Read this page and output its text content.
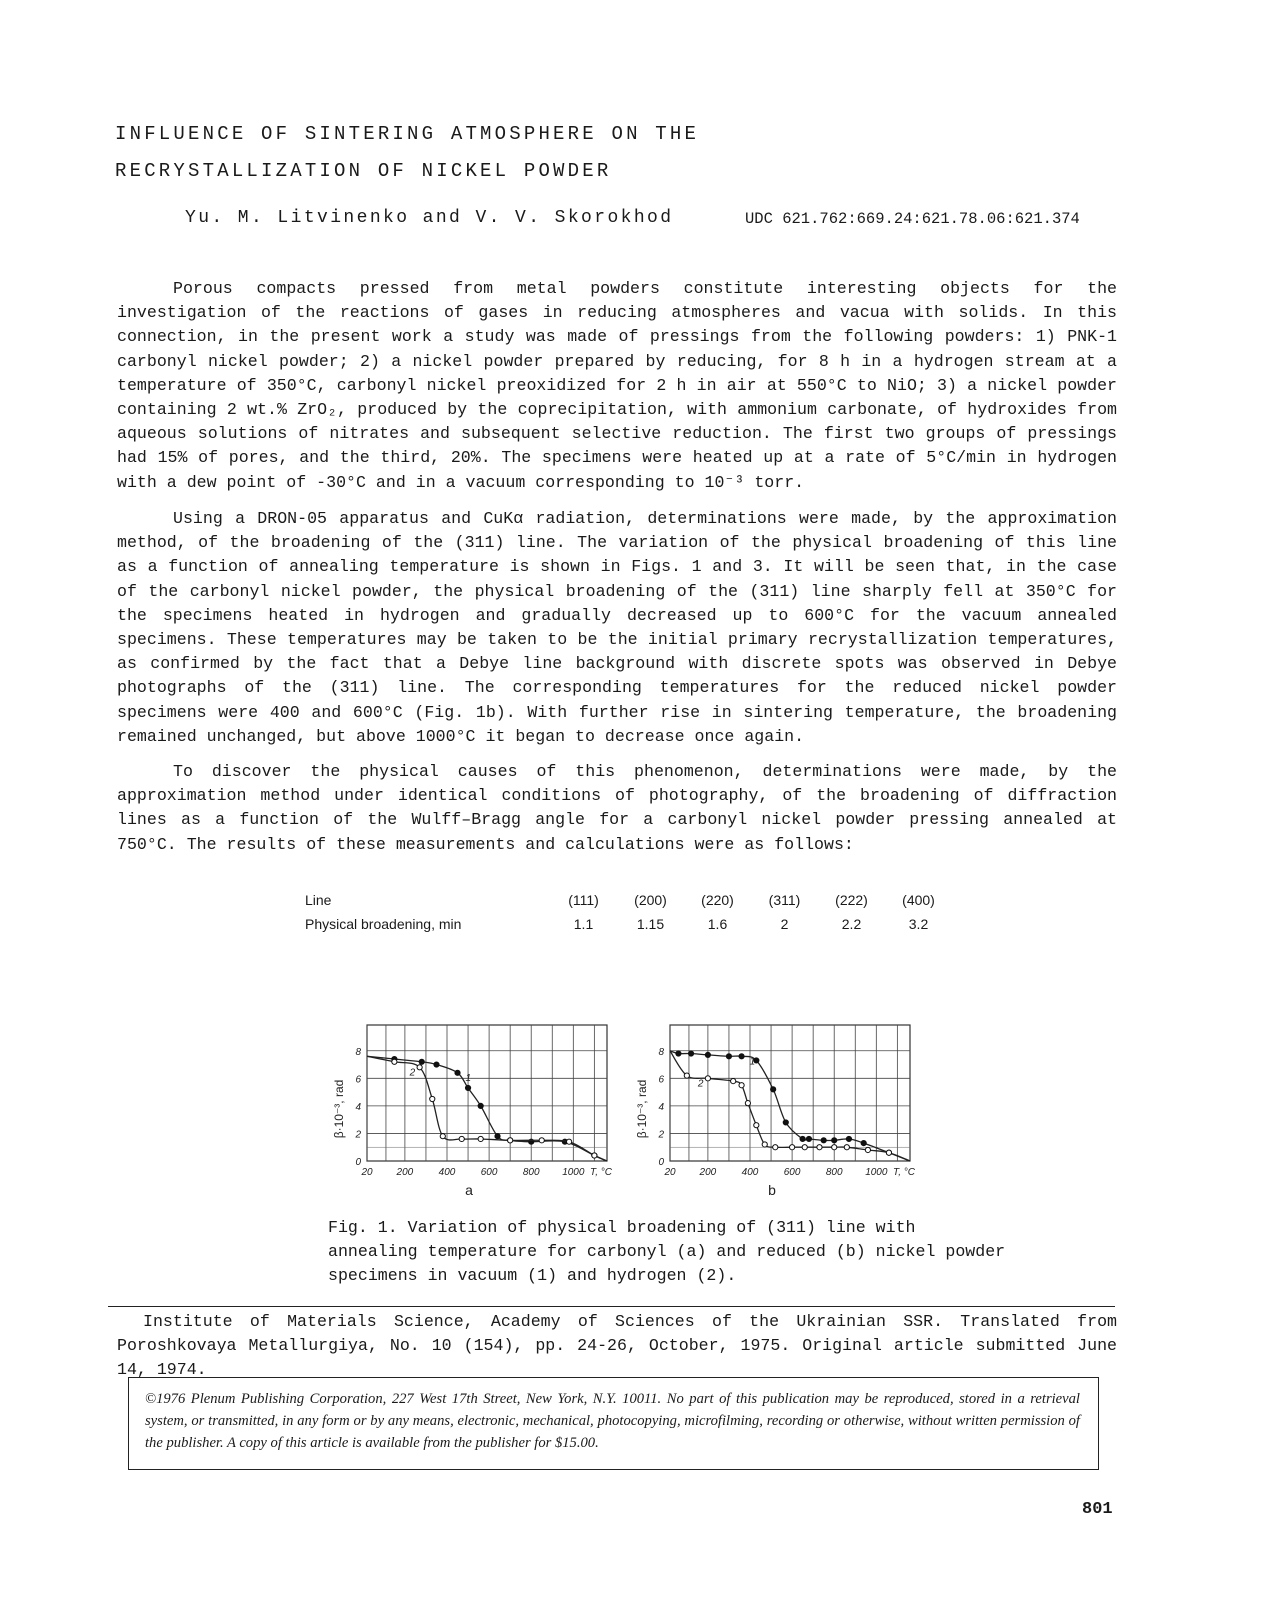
INFLUENCE OF SINTERING ATMOSPHERE ON THE
RECRYSTALLIZATION OF NICKEL POWDER
Yu. M. Litvinenko and V. V. Skorokhod	UDC 621.762:669.24:621.78.06:621.374

Porous compacts pressed from metal powders constitute interesting objects for the investigation of the reactions of gases in reducing atmospheres and vacua with solids. In this connection, in the present work a study was made of pressings from the following powders: 1) PNK-1 carbonyl nickel powder; 2) a nickel powder prepared by reducing, for 8 h in a hydrogen stream at a temperature of 350°C, carbonyl nickel preoxidized for 2 h in air at 550°C to NiO; 3) a nickel powder containing 2 wt.% ZrO₂, produced by the coprecipitation, with ammonium carbonate, of hydroxides from aqueous solutions of nitrates and subsequent selective reduction. The first two groups of pressings had 15% of pores, and the third, 20%. The specimens were heated up at a rate of 5°C/min in hydrogen with a dew point of -30°C and in a vacuum corresponding to 10⁻³ torr.

Using a DRON-05 apparatus and CuKα radiation, determinations were made, by the approximation method, of the broadening of the (311) line. The variation of the physical broadening of this line as a function of annealing temperature is shown in Figs. 1 and 3. It will be seen that, in the case of the carbonyl nickel powder, the physical broadening of the (311) line sharply fell at 350°C for the specimens heated in hydrogen and gradually decreased up to 600°C for the vacuum annealed specimens. These temperatures may be taken to be the initial primary recrystallization temperatures, as confirmed by the fact that a Debye line background with discrete spots was observed in Debye photographs of the (311) line. The corresponding temperatures for the reduced nickel powder specimens were 400 and 600°C (Fig. 1b). With further rise in sintering temperature, the broadening remained unchanged, but above 1000°C it began to decrease once again.

To discover the physical causes of this phenomenon, determinations were made, by the approximation method under identical conditions of photography, of the broadening of diffraction lines as a function of the Wulff–Bragg angle for a carbonyl nickel powder pressing annealed at 750°C. The results of these measurements and calculations were as follows:

Line	(111)	(200)	(220)	(311)	(222)	(400)
Physical broadening, min	1.1	1.15	1.6	2	2.2	3.2
0
2
4
6
8
20 200	400	600	800 1000 T, °C
β·10⁻³, rad
a
1
2
0
2
4
6
8
20 200	400	600	800 1000 T, °C
β·10⁻³, rad
b
1
2

Fig. 1. Variation of physical broadening of (311) line with annealing temperature for carbonyl (a) and reduced (b) nickel powder specimens in vacuum (1) and hydrogen (2).

Institute of Materials Science, Academy of Sciences of the Ukrainian SSR. Translated from Poroshkovaya Metallurgiya, No. 10 (154), pp. 24-26, October, 1975. Original article submitted June 14, 1974.

©1976 Plenum Publishing Corporation, 227 West 17th Street, New York, N.Y. 10011. No part of this publication may be reproduced, stored in a retrieval system, or transmitted, in any form or by any means, electronic, mechanical, photocopying, microfilming, recording or otherwise, without written permission of the publisher. A copy of this article is available from the publisher for $15.00.
801
